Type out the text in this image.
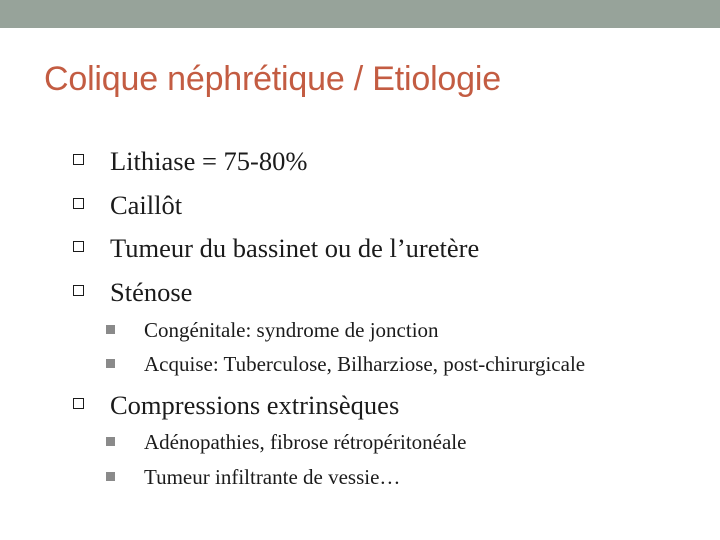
Colique néphrétique / Etiologie
Lithiase = 75-80%
Caillôt
Tumeur du bassinet ou de l’uretère
Sténose
Congénitale: syndrome de jonction
Acquise: Tuberculose, Bilharziose, post-chirurgicale
Compressions extrinsèques
Adénopathies, fibrose rétropéritonéale
Tumeur infiltrante de vessie…
